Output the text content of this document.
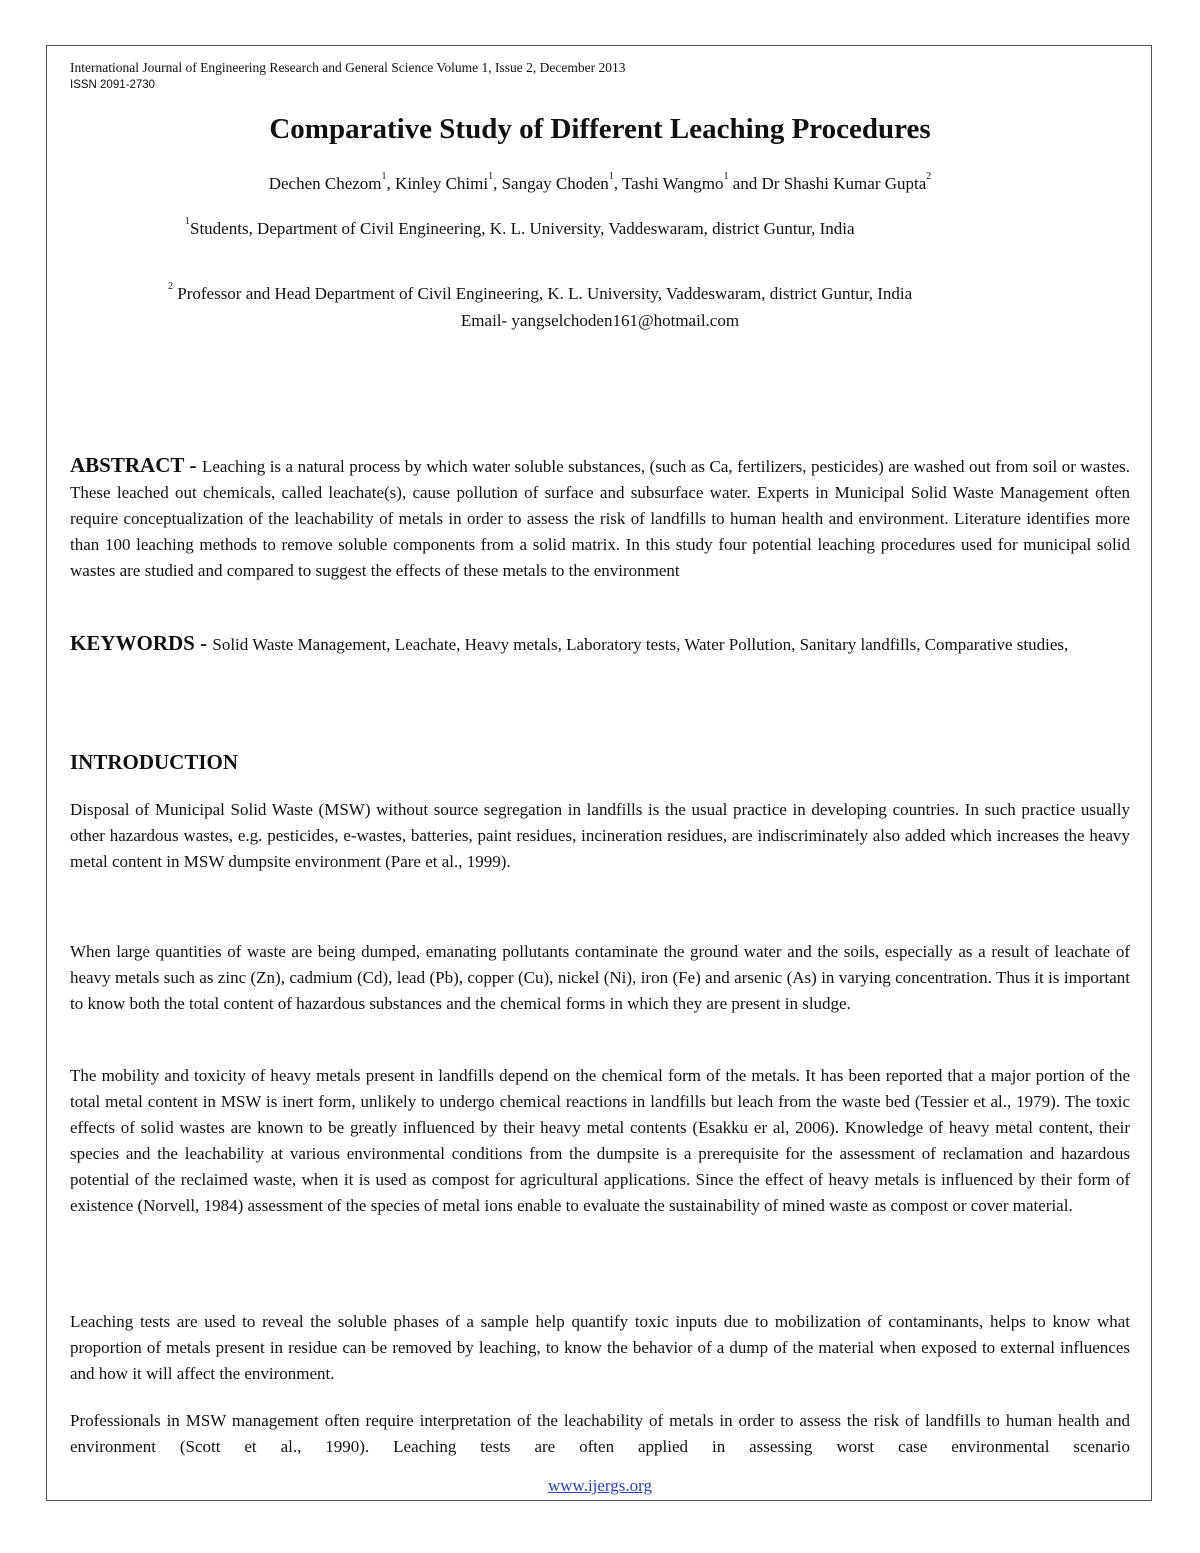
International Journal of Engineering Research and General Science Volume 1, Issue 2, December 2013
ISSN 2091-2730
Comparative Study of Different Leaching Procedures
Dechen Chezom$^1$, Kinley Chimi$^1$, Sangay Choden$^1$, Tashi Wangmo$^1$ and Dr Shashi Kumar Gupta$^2$
$^1$Students, Department of Civil Engineering, K. L. University, Vaddeswaram, district Guntur, India

$^2$ Professor and Head Department of Civil Engineering, K. L. University, Vaddeswaram, district Guntur, India
Email- yangselchoden161@hotmail.com
ABSTRACT - Leaching is a natural process by which water soluble substances, (such as Ca, fertilizers, pesticides) are washed out from soil or wastes. These leached out chemicals, called leachate(s), cause pollution of surface and subsurface water. Experts in Municipal Solid Waste Management often require conceptualization of the leachability of metals in order to assess the risk of landfills to human health and environment. Literature identifies more than 100 leaching methods to remove soluble components from a solid matrix. In this study four potential leaching procedures used for municipal solid wastes are studied and compared to suggest the effects of these metals to the environment
KEYWORDS - Solid Waste Management, Leachate, Heavy metals, Laboratory tests, Water Pollution, Sanitary landfills, Comparative studies,
INTRODUCTION
Disposal of Municipal Solid Waste (MSW) without source segregation in landfills is the usual practice in developing countries. In such practice usually other hazardous wastes, e.g. pesticides, e-wastes, batteries, paint residues, incineration residues, are indiscriminately also added which increases the heavy metal content in MSW dumpsite environment (Pare et al., 1999).
When large quantities of waste are being dumped, emanating pollutants contaminate the ground water and the soils, especially as a result of leachate of heavy metals such as zinc (Zn), cadmium (Cd), lead (Pb), copper (Cu), nickel (Ni), iron (Fe) and arsenic (As) in varying concentration. Thus it is important to know both the total content of hazardous substances and the chemical forms in which they are present in sludge.
The mobility and toxicity of heavy metals present in landfills depend on the chemical form of the metals. It has been reported that a major portion of the total metal content in MSW is inert form, unlikely to undergo chemical reactions in landfills but leach from the waste bed (Tessier et al., 1979). The toxic effects of solid wastes are known to be greatly influenced by their heavy metal contents (Esakku er al, 2006). Knowledge of heavy metal content, their species and the leachability at various environmental conditions from the dumpsite is a prerequisite for the assessment of reclamation and hazardous potential of the reclaimed waste, when it is used as compost for agricultural applications. Since the effect of heavy metals is influenced by their form of existence (Norvell, 1984) assessment of the species of metal ions enable to evaluate the sustainability of mined waste as compost or cover material.
Leaching tests are used to reveal the soluble phases of a sample help quantify toxic inputs due to mobilization of contaminants, helps to know what proportion of metals present in residue can be removed by leaching, to know the behavior of a dump of the material when exposed to external influences and how it will affect the environment.
Professionals in MSW management often require interpretation of the leachability of metals in order to assess the risk of landfills to human health and environment (Scott et al., 1990). Leaching tests are often applied in assessing worst case environmental scenario
www.ijergs.org
